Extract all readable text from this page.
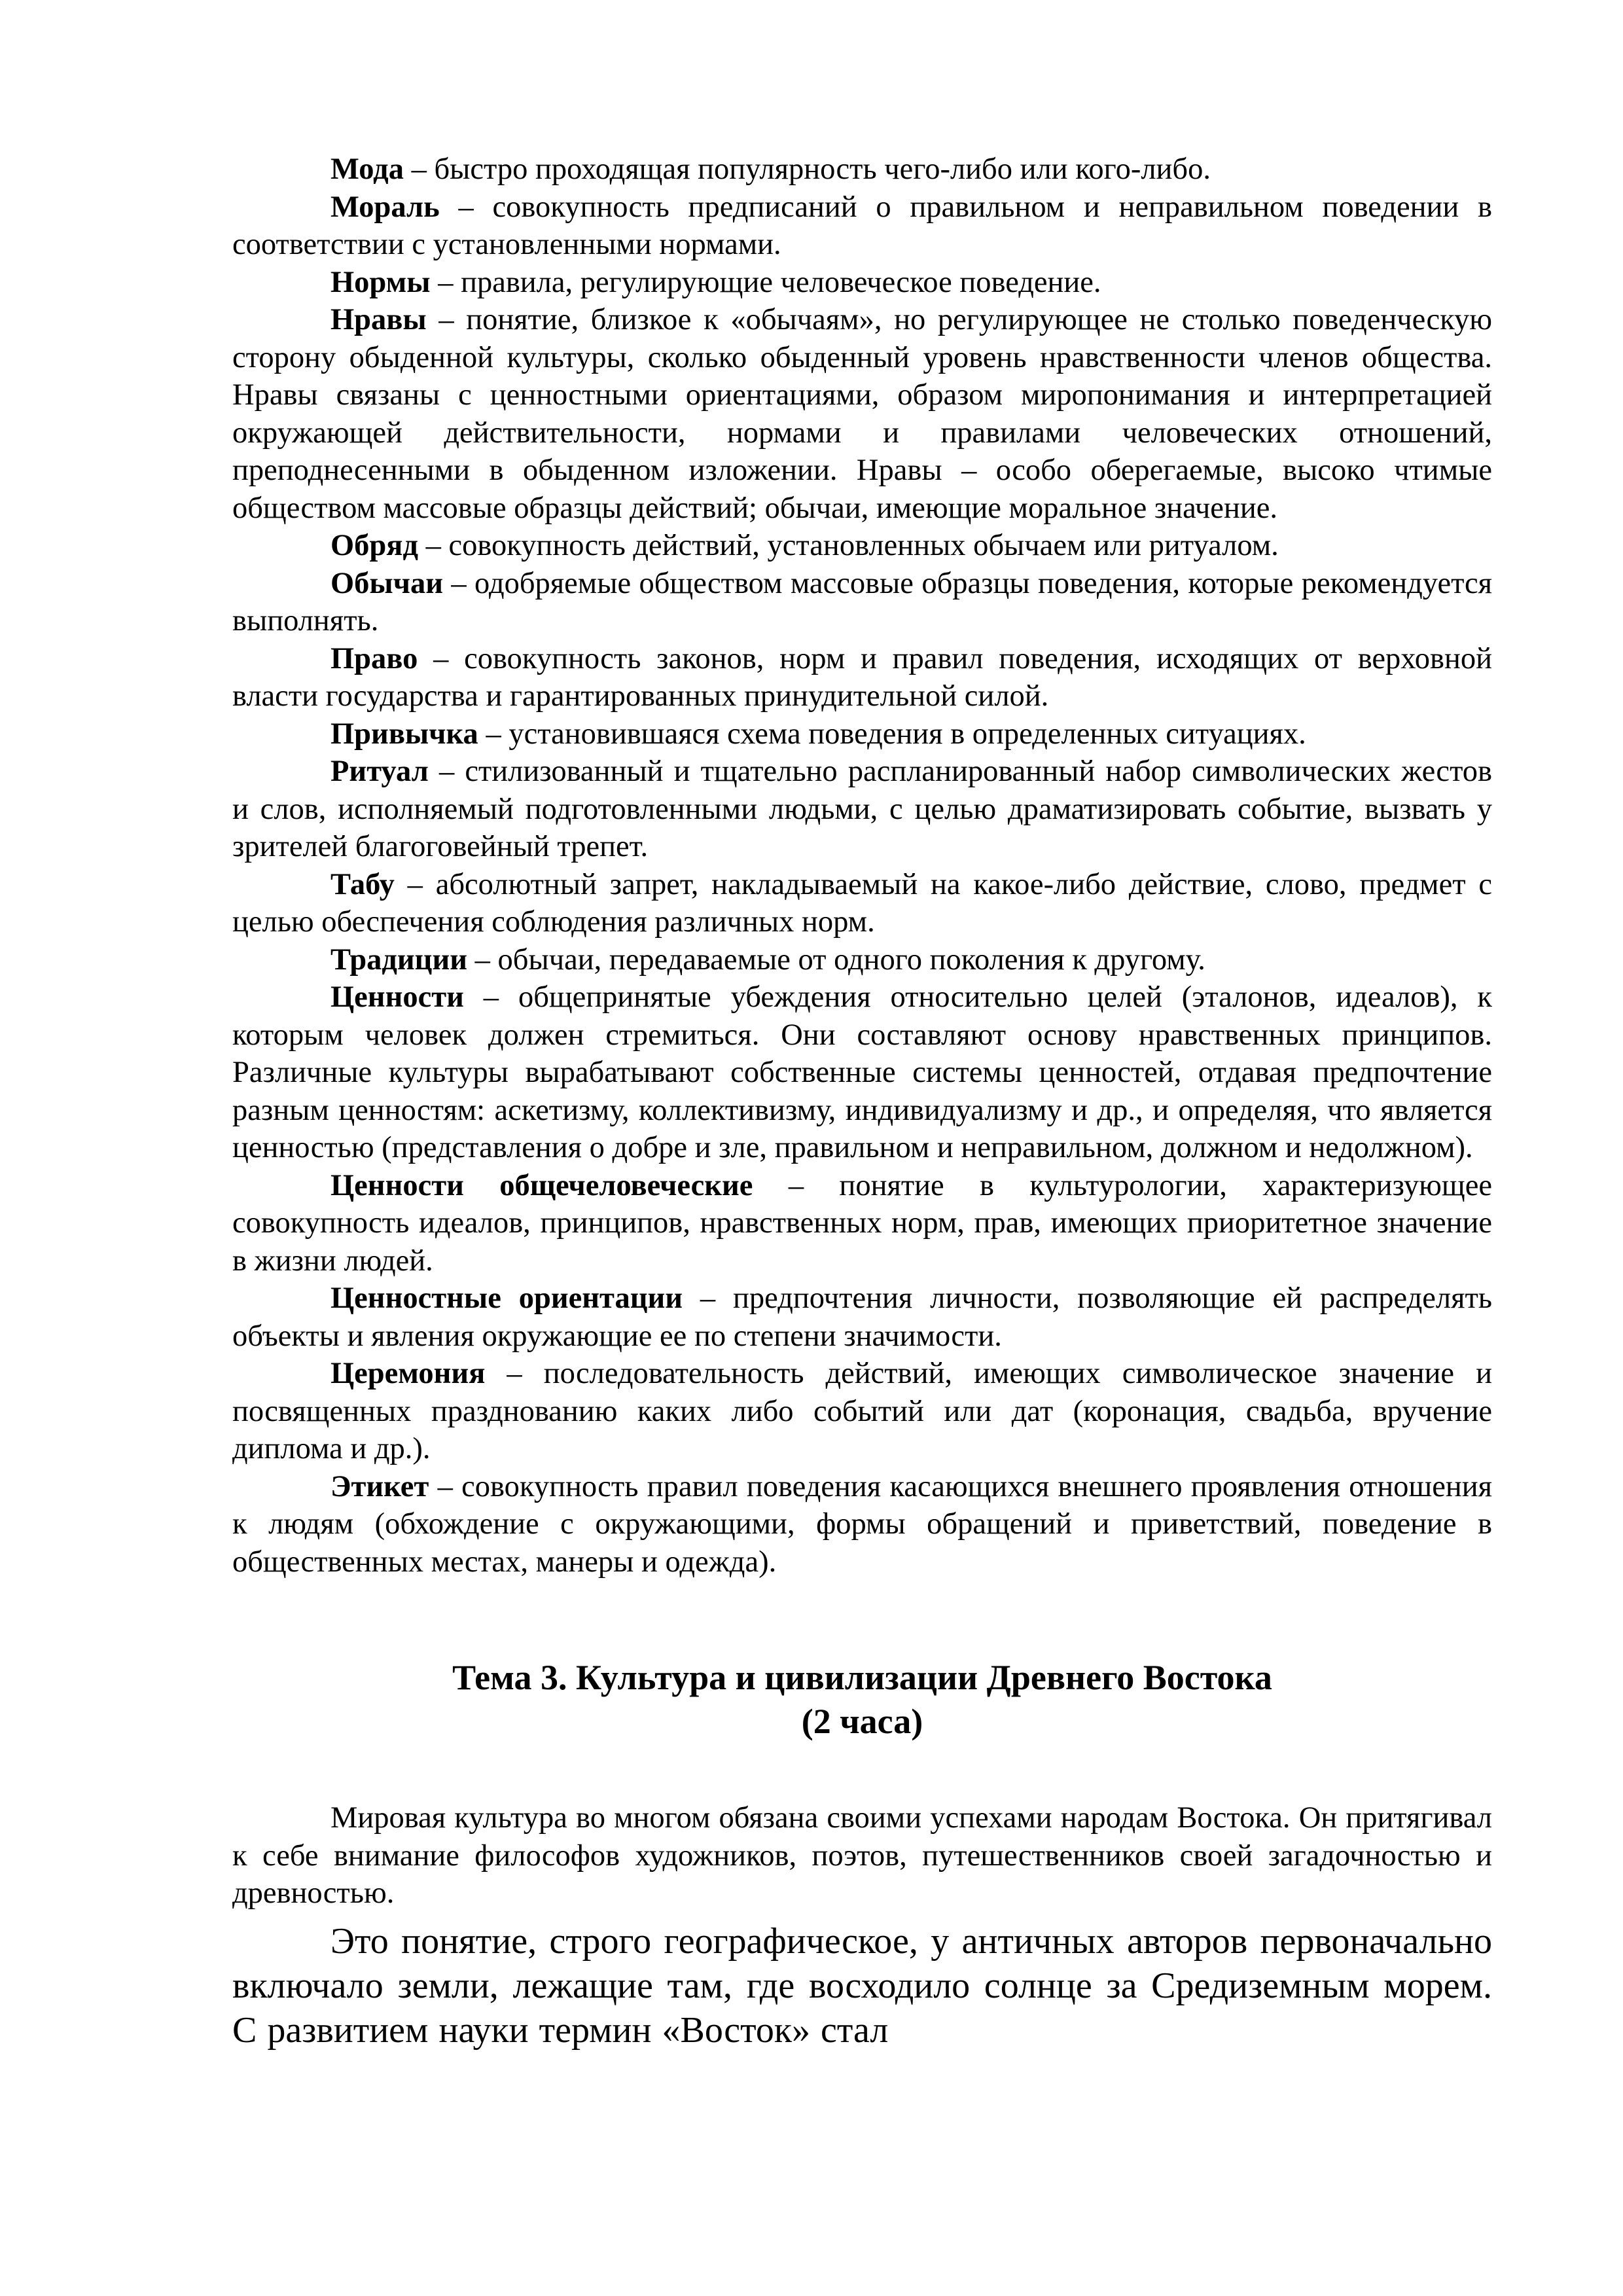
Мода – быстро проходящая популярность чего-либо или кого-либо.

Мораль – совокупность предписаний о правильном и неправильном поведении в соответствии с установленными нормами.

Нормы – правила, регулирующие человеческое поведение.

Нравы – понятие, близкое к «обычаям», но регулирующее не столько поведенческую сторону обыденной культуры, сколько обыденный уровень нравственности членов общества. Нравы связаны с ценностными ориентациями, образом миропонимания и интерпретацией окружающей действительности, нормами и правилами человеческих отношений, преподнесенными в обыденном изложении. Нравы – особо оберегаемые, высоко чтимые обществом массовые образцы действий; обычаи, имеющие моральное значение.

Обряд – совокупность действий, установленных обычаем или ритуалом.

Обычаи – одобряемые обществом массовые образцы поведения, которые рекомендуется выполнять.

Право – совокупность законов, норм и правил поведения, исходящих от верховной власти государства и гарантированных принудительной силой.

Привычка – установившаяся схема поведения в определенных ситуациях.

Ритуал – стилизованный и тщательно распланированный набор символических жестов и слов, исполняемый подготовленными людьми, с целью драматизировать событие, вызвать у зрителей благоговейный трепет.

Табу – абсолютный запрет, накладываемый на какое-либо действие, слово, предмет с целью обеспечения соблюдения различных норм.

Традиции – обычаи, передаваемые от одного поколения к другому.

Ценности – общепринятые убеждения относительно целей (эталонов, идеалов), к которым человек должен стремиться. Они составляют основу нравственных принципов. Различные культуры вырабатывают собственные системы ценностей, отдавая предпочтение разным ценностям: аскетизму, коллективизму, индивидуализму и др., и определяя, что является ценностью (представления о добре и зле, правильном и неправильном, должном и недолжном).

Ценности общечеловеческие – понятие в культурологии, характеризующее совокупность идеалов, принципов, нравственных норм, прав, имеющих приоритетное значение в жизни людей.

Ценностные ориентации – предпочтения личности, позволяющие ей распределять объекты и явления окружающие ее по степени значимости.

Церемония – последовательность действий, имеющих символическое значение и посвященных празднованию каких либо событий или дат (коронация, свадьба, вручение диплома и др.).

Этикет – совокупность правил поведения касающихся внешнего проявления отношения к людям (обхождение с окружающими, формы обращений и приветствий, поведение в общественных местах, манеры и одежда).

Тема 3. Культура и цивилизации Древнего Востока
(2 часа)

Мировая культура во многом обязана своими успехами народам Востока. Он притягивал к себе внимание философов художников, поэтов, путешественников своей загадочностью и древностью.

Это понятие, строго географическое, у античных авторов первоначально включало земли, лежащие там, где восходило солнце за Средиземным морем.      С развитием науки термин «Восток» стал
